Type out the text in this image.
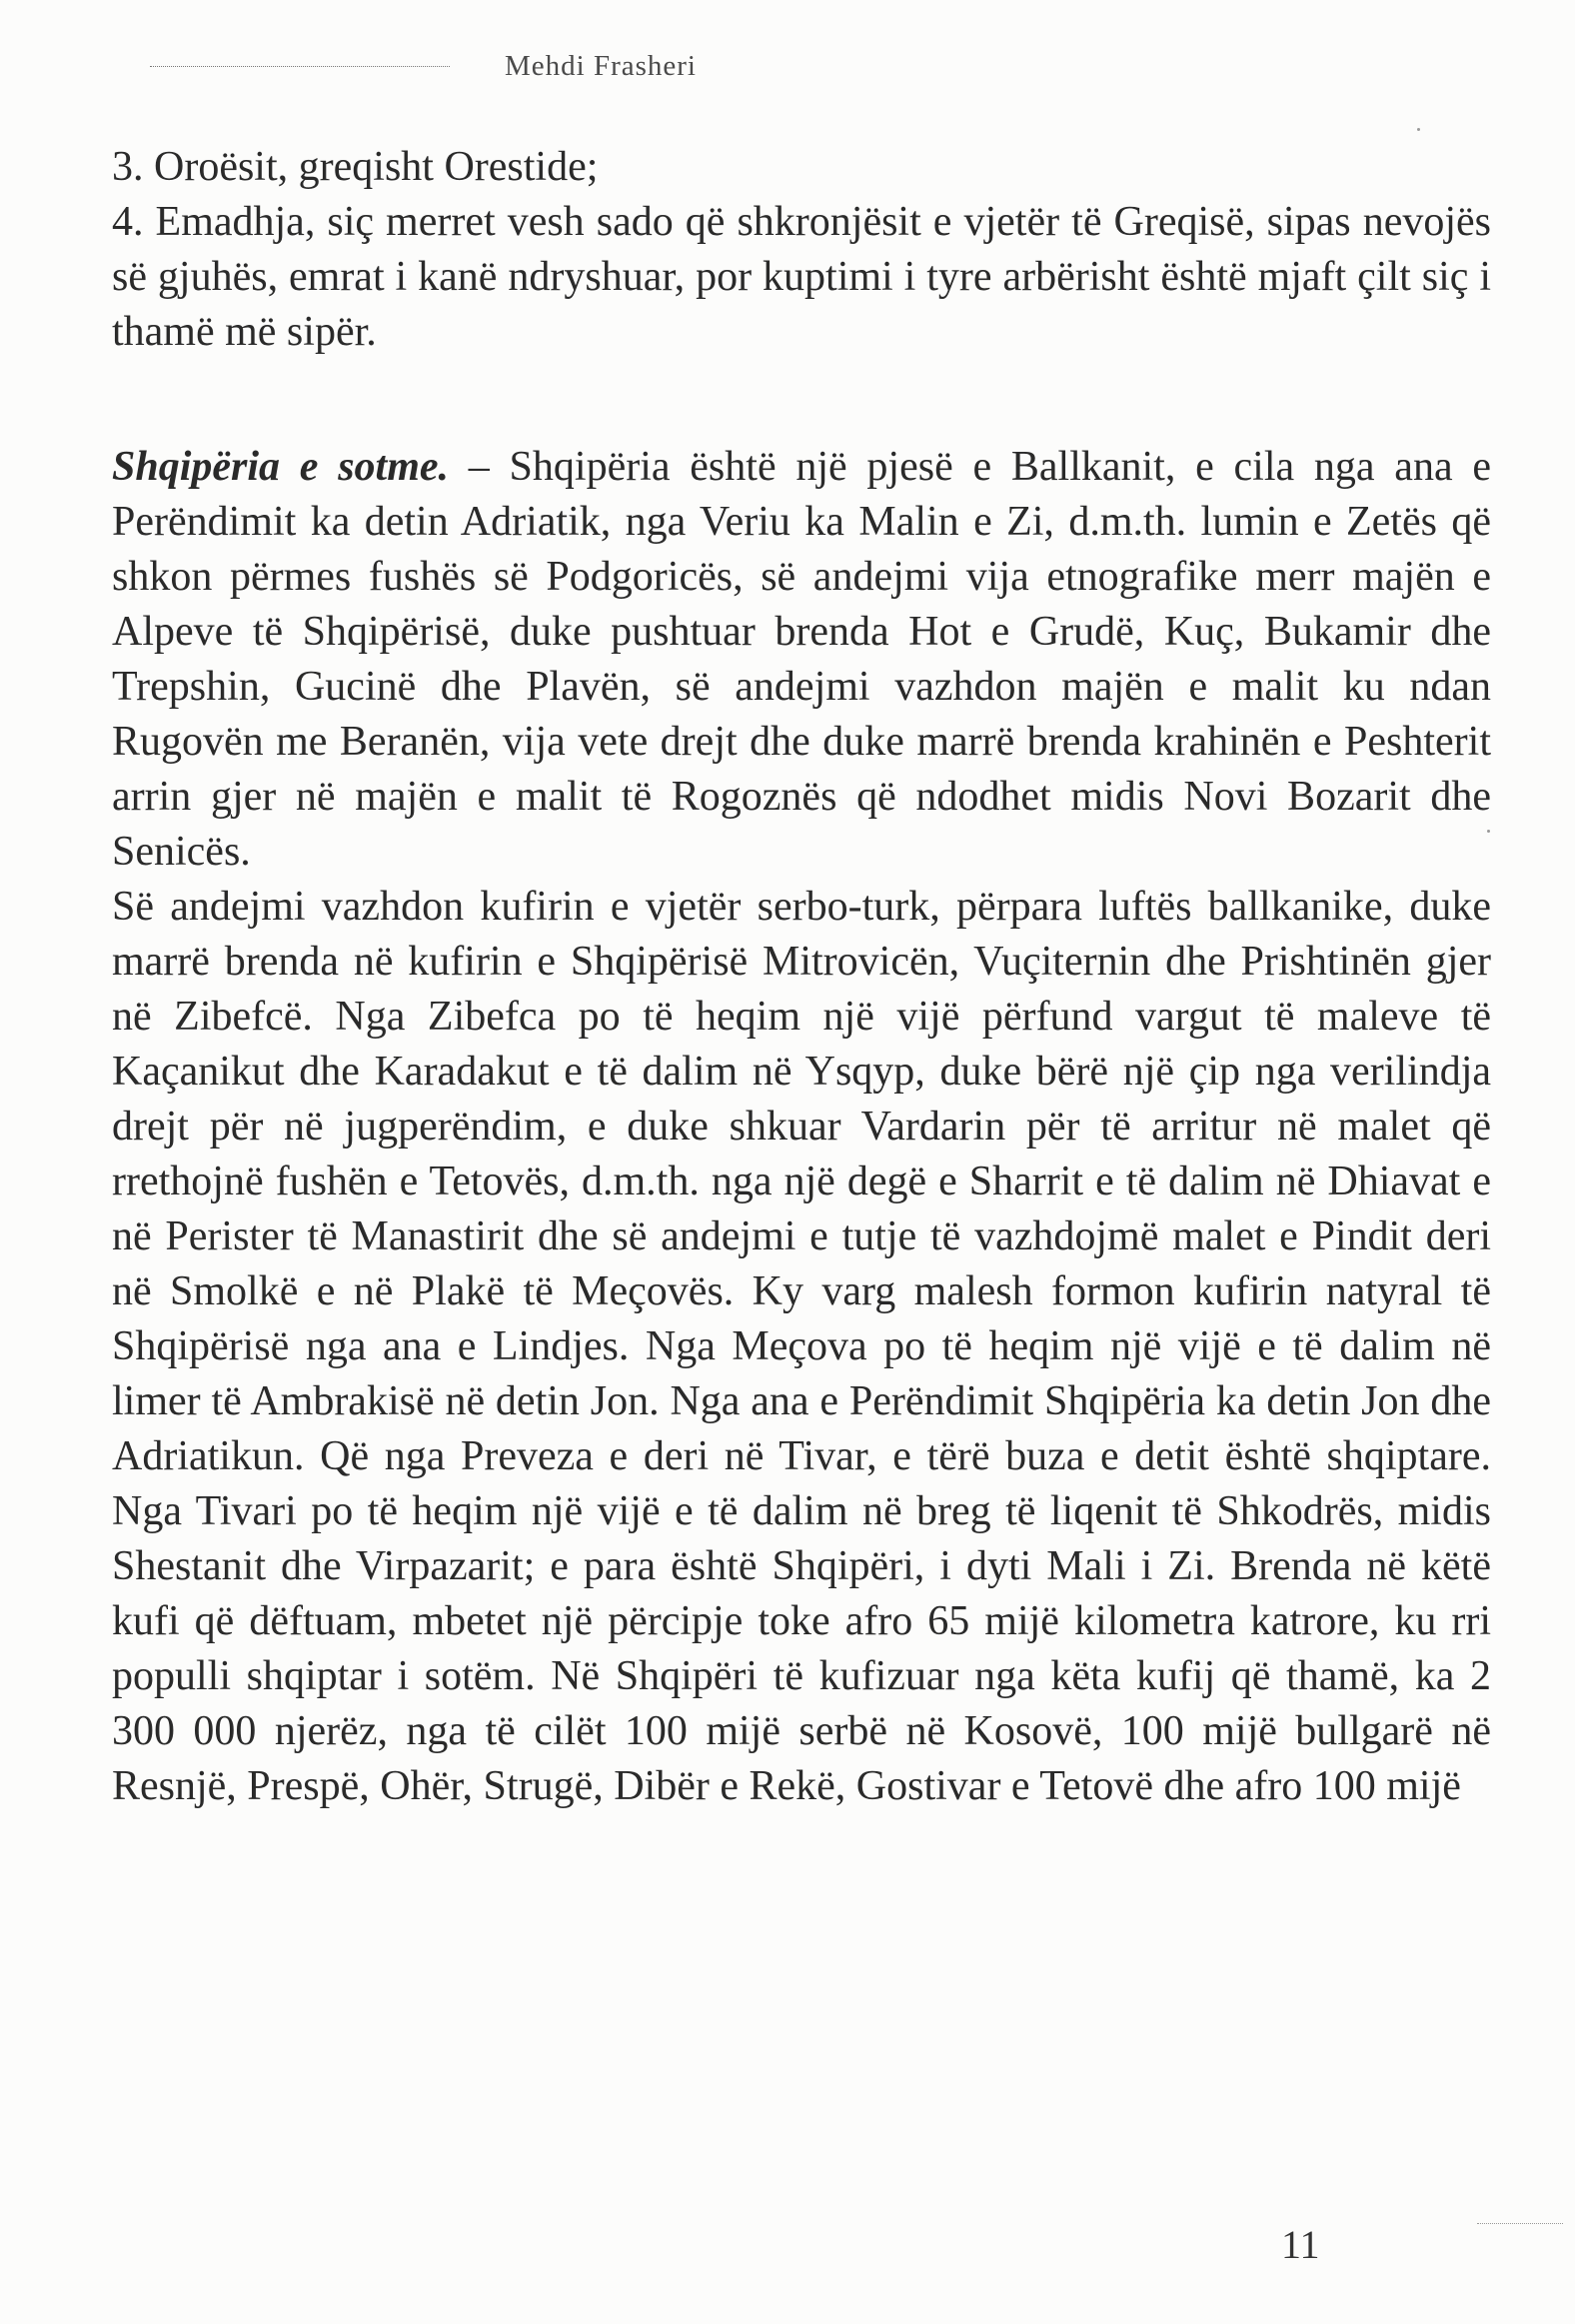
Mehdi Frasheri

3. Oroësit, greqisht Orestide;

4. Emadhja, siç merret vesh sado që shkronjësit e vjetër të Greqisë, sipas nevojës së gjuhës, emrat i kanë ndryshuar, por kuptimi i tyre arbërisht është mjaft çilt siç i thamë më sipër.

Shqipëria e sotme. – Shqipëria është një pjesë e Ballkanit, e cila nga ana e Perëndimit ka detin Adriatik, nga Veriu ka Malin e Zi, d.m.th. lumin e Zetës që shkon përmes fushës së Podgoricës, së andejmi vija etnografike merr majën e Alpeve të Shqipërisë, duke pushtuar brenda Hot e Grudë, Kuç, Bukamir dhe Trepshin, Gucinë dhe Plavën, së andejmi vazhdon majën e malit ku ndan Rugovën me Beranën, vija vete drejt dhe duke marrë brenda krahinën e Peshterit arrin gjer në majën e malit të Rogoznës që ndodhet midis Novi Bozarit dhe Senicës.

Së andejmi vazhdon kufirin e vjetër serbo-turk, përpara luftës ballkanike, duke marrë brenda në kufirin e Shqipërisë Mitrovicën, Vuçiternin dhe Prishtinën gjer në Zibefcë. Nga Zibefca po të heqim një vijë përfund vargut të maleve të Kaçanikut dhe Karadakut e të dalim në Ysqyp, duke bërë një çip nga verilindja drejt për në jugperëndim, e duke shkuar Vardarin për të arritur në malet që rrethojnë fushën e Tetovës, d.m.th. nga një degë e Sharrit e të dalim në Dhiavat e në Perister të Manastirit dhe së andejmi e tutje të vazhdojmë malet e Pindit deri në Smolkë e në Plakë të Meçovës. Ky varg malesh formon kufirin natyral të Shqipërisë nga ana e Lindjes. Nga Meçova po të heqim një vijë e të dalim në limer të Ambrakisë në detin Jon. Nga ana e Perëndimit Shqipëria ka detin Jon dhe Adriatikun. Që nga Preveza e deri në Tivar, e tërë buza e detit është shqiptare. Nga Tivari po të heqim një vijë e të dalim në breg të liqenit të Shkodrës, midis Shestanit dhe Virpazarit; e para është Shqipëri, i dyti Mali i Zi. Brenda në këtë kufi që dëftuam, mbetet një përcipje toke afro 65 mijë kilometra katrore, ku rri populli shqiptar i sotëm. Në Shqipëri të kufizuar nga këta kufij që thamë, ka 2 300 000 njerëz, nga të cilët 100 mijë serbë në Kosovë, 100 mijë bullgarë në Resnjë, Prespë, Ohër, Strugë, Dibër e Rekë, Gostivar e Tetovë dhe afro 100 mijë

11
